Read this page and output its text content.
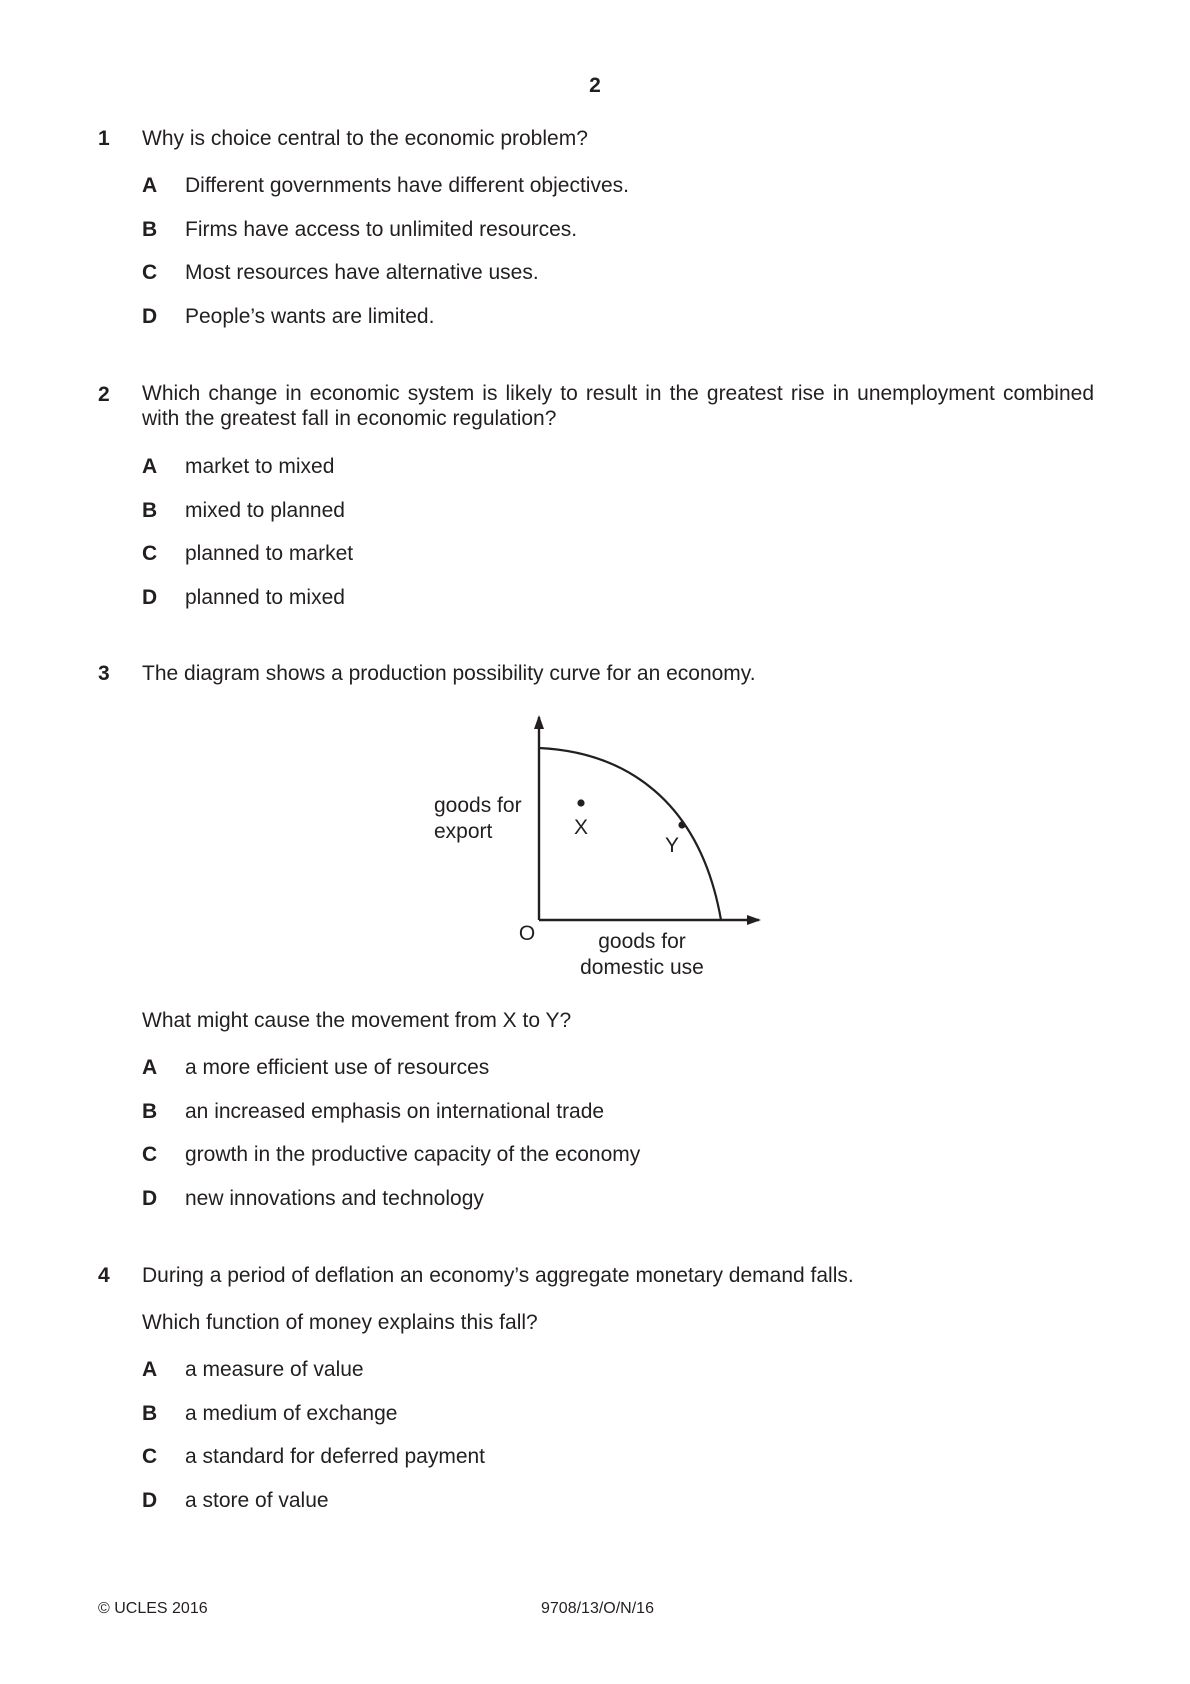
2
1 Why is choice central to the economic problem?
A Different governments have different objectives.
B Firms have access to unlimited resources.
C Most resources have alternative uses.
D People’s wants are limited.
2 Which change in economic system is likely to result in the greatest rise in unemployment combined with the greatest fall in economic regulation?
A market to mixed
B mixed to planned
C planned to market
D planned to mixed
3 The diagram shows a production possibility curve for an economy.
goods for
export	X
Y
O	goods for
domestic use
What might cause the movement from X to Y?
A a more efficient use of resources
B an increased emphasis on international trade
C growth in the productive capacity of the economy
D new innovations and technology
4 During a period of deflation an economy’s aggregate monetary demand falls.
Which function of money explains this fall?
A a measure of value
B a medium of exchange
C a standard for deferred payment
D a store of value
© UCLES 2016	9708/13/O/N/16
